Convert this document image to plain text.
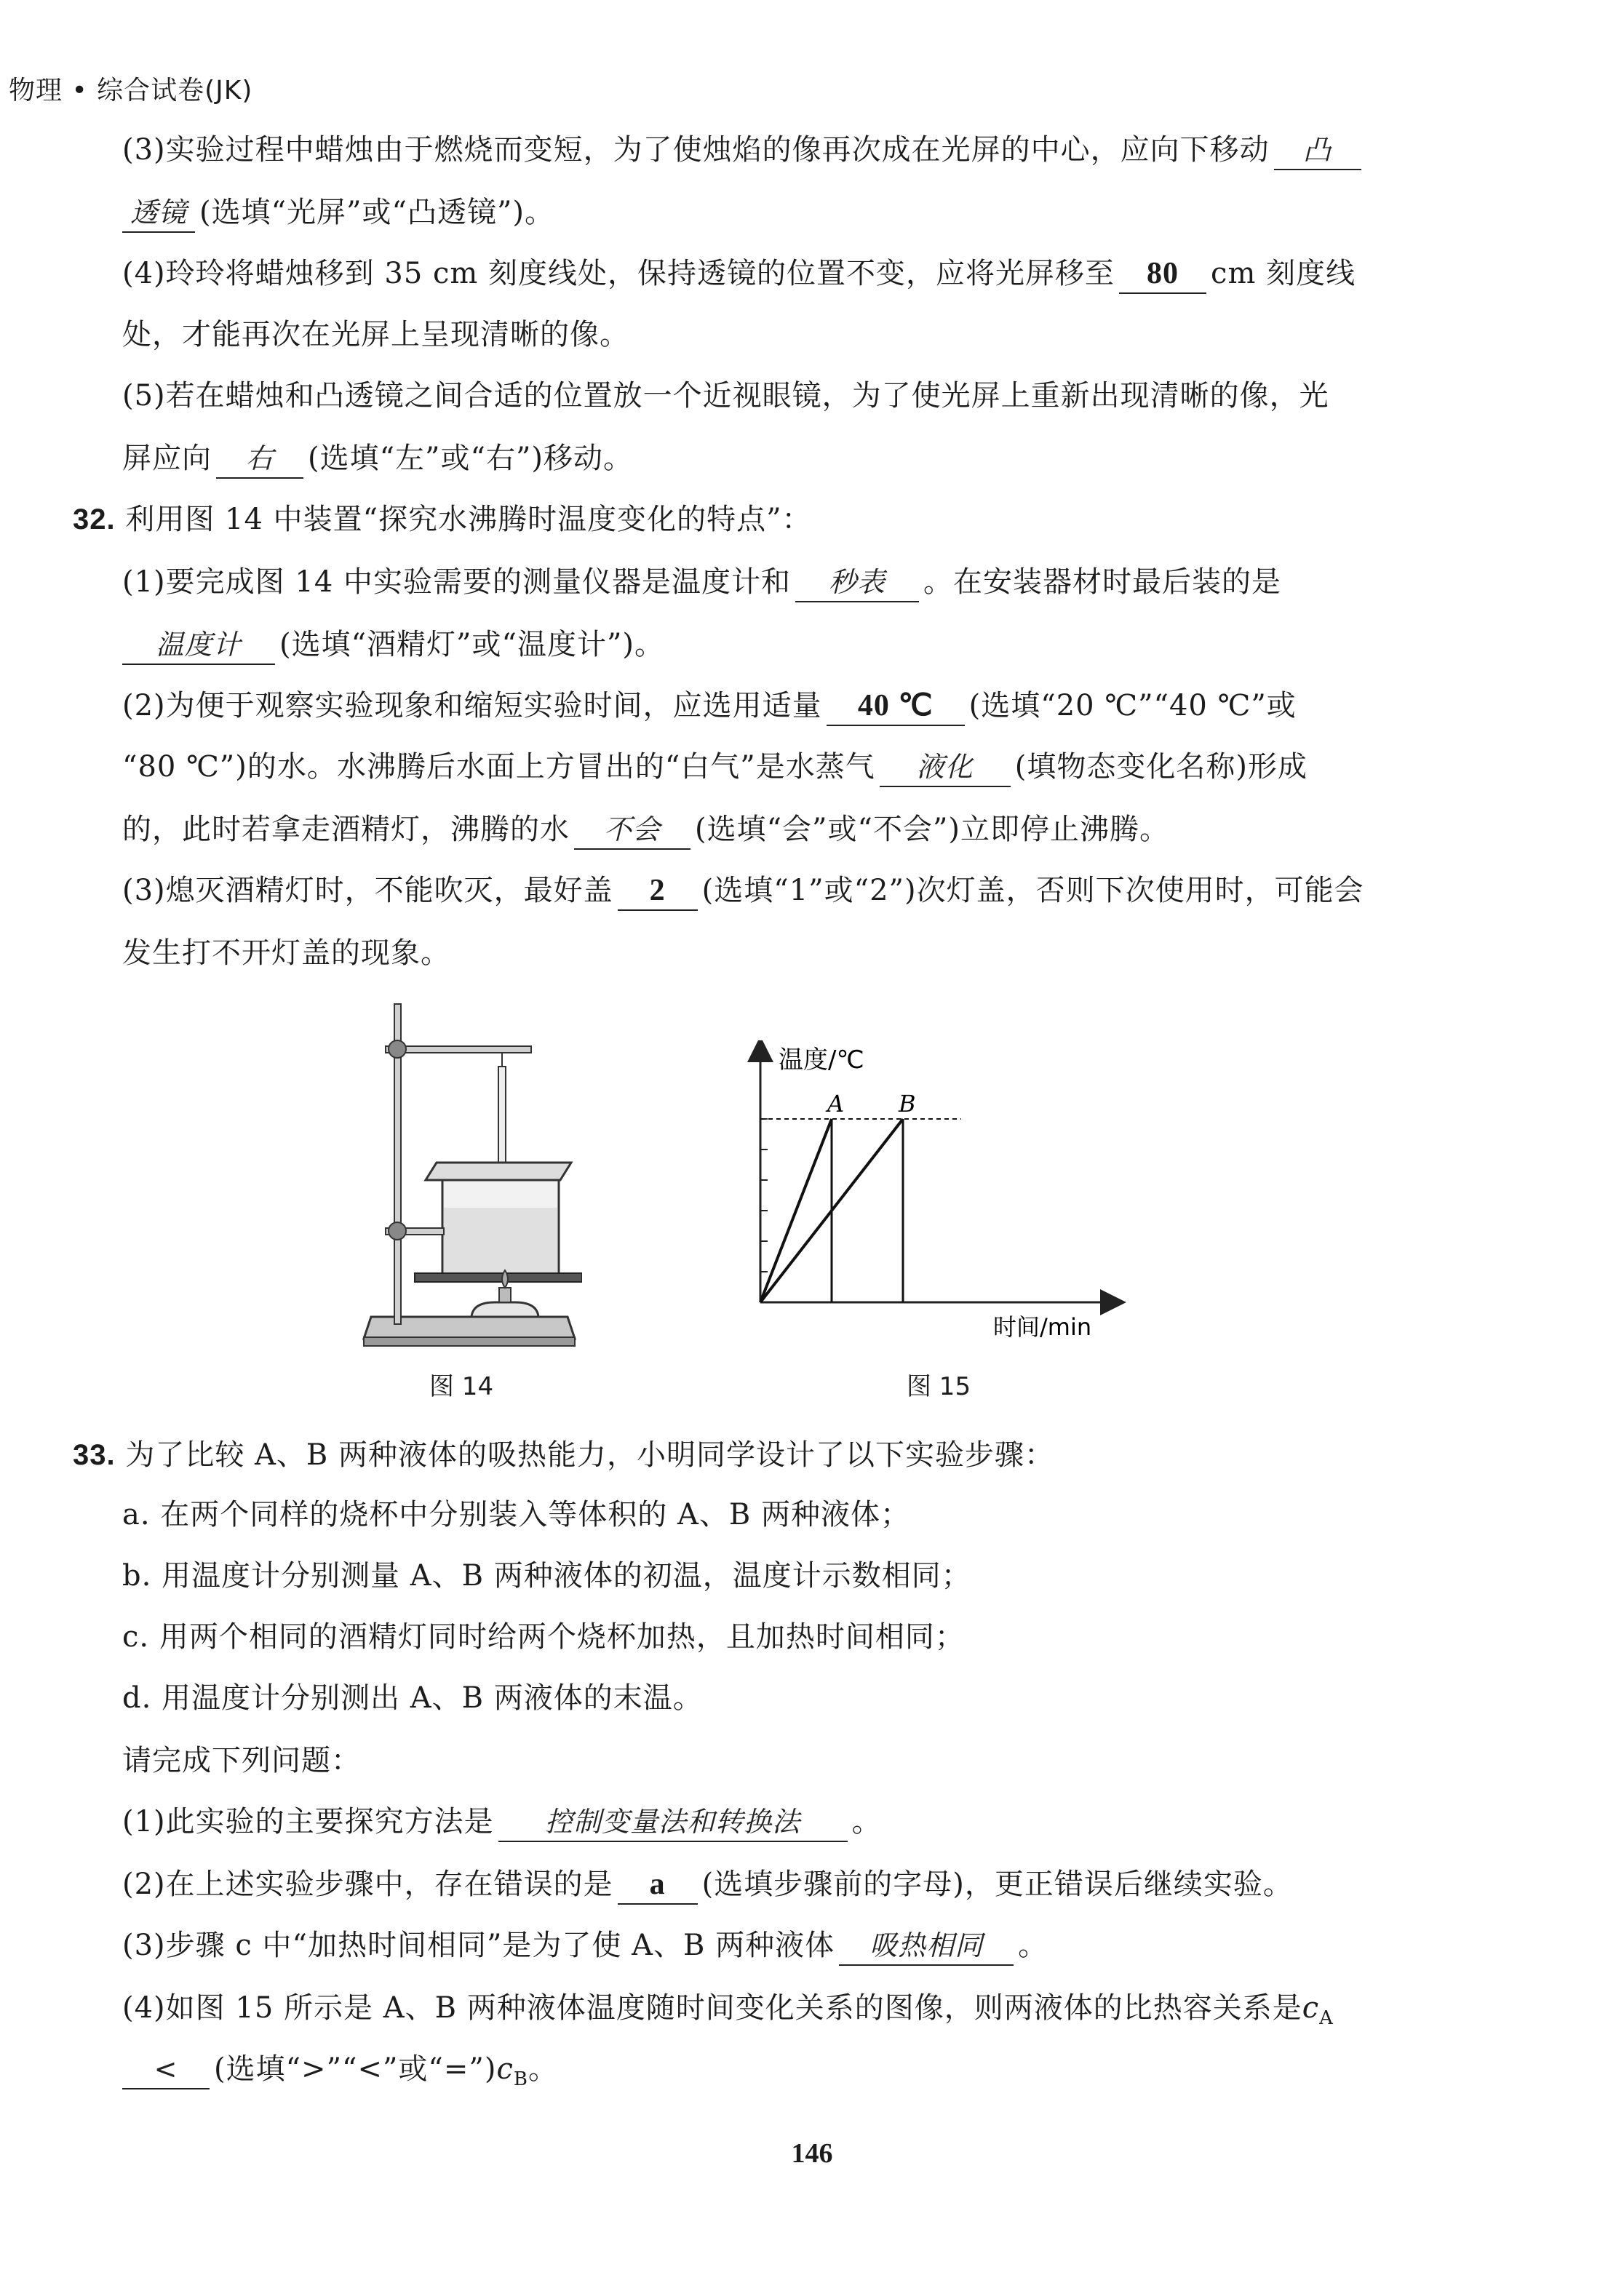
物理 • 综合试卷(JK)
(3)实验过程中蜡烛由于燃烧而变短，为了使烛焰的像再次成在光屏的中心，应向下移动 凸
透镜 (选填“光屏”或“凸透镜”)。
(4)玲玲将蜡烛移到 35 cm 刻度线处，保持透镜的位置不变，应将光屏移至 80 cm 刻度线
处，才能再次在光屏上呈现清晰的像。
(5)若在蜡烛和凸透镜之间合适的位置放一个近视眼镜，为了使光屏上重新出现清晰的像，光
屏应向 右 (选填“左”或“右”)移动。
32. 利用图 14 中装置“探究水沸腾时温度变化的特点”：
(1)要完成图 14 中实验需要的测量仪器是温度计和 秒表 。在安装器材时最后装的是
温度计 (选填“酒精灯”或“温度计”)。
(2)为便于观察实验现象和缩短实验时间，应选用适量 40 ℃ (选填“20 ℃”“40 ℃”或
“80 ℃”)的水。水沸腾后水面上方冒出的“白气”是水蒸气 液化 (填物态变化名称)形成
的，此时若拿走酒精灯，沸腾的水 不会 (选填“会”或“不会”)立即停止沸腾。
(3)熄灭酒精灯时，不能吹灭，最好盖 2 (选填“1”或“2”)次灯盖，否则下次使用时，可能会
发生打不开灯盖的现象。
图 14
温度/℃
时间/min
A B
图 15
33. 为了比较 A、B 两种液体的吸热能力，小明同学设计了以下实验步骤：
a. 在两个同样的烧杯中分别装入等体积的 A、B 两种液体；
b. 用温度计分别测量 A、B 两种液体的初温，温度计示数相同；
c. 用两个相同的酒精灯同时给两个烧杯加热，且加热时间相同；
d. 用温度计分别测出 A、B 两液体的末温。
请完成下列问题：
(1)此实验的主要探究方法是 控制变量法和转换法 。
(2)在上述实验步骤中，存在错误的是 a (选填步骤前的字母)，更正错误后继续实验。
(3)步骤 c 中“加热时间相同”是为了使 A、B 两种液体 吸热相同 。
(4)如图 15 所示是 A、B 两种液体温度随时间变化关系的图像，则两液体的比热容关系是$c_A$
< (选填“>”“<”或“$=”)c_B$。
146
